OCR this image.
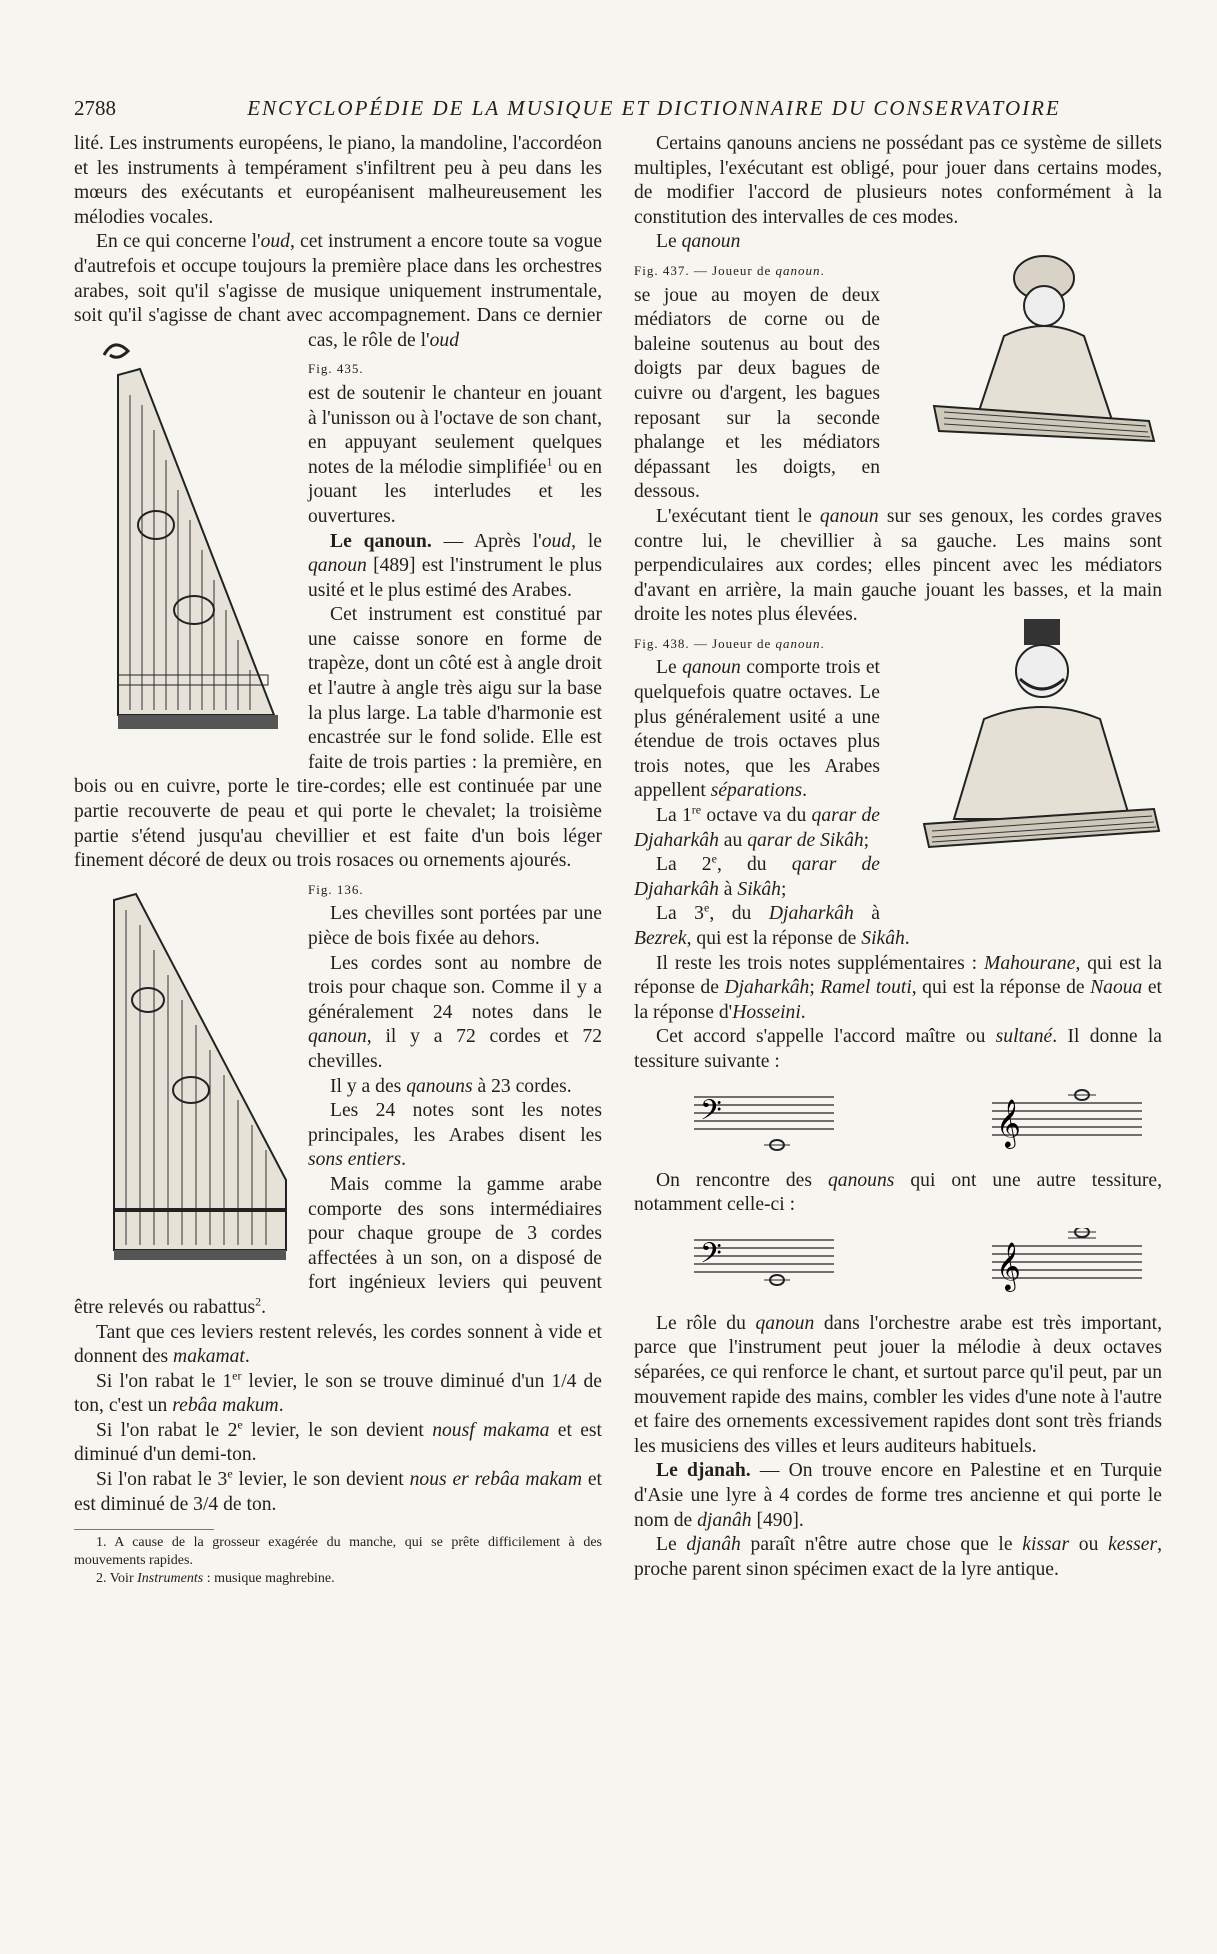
2788	ENCYCLOPÉDIE DE LA MUSIQUE ET DICTIONNAIRE DU CONSERVATOIRE

lité. Les instruments européens, le piano, la mandoline, l'accordéon et les instruments à tempérament s'infiltrent peu à peu dans les mœurs des exécutants et européanisent malheureusement les mélodies vocales.

En ce qui concerne l'oud, cet instrument a encore toute sa vogue d'autrefois et occupe toujours la première place dans les orchestres arabes, soit qu'il s'agisse de musique uniquement instrumentale, soit qu'il s'agisse de chant avec accompagnement. Dans ce dernier cas, le rôle de l'oud

Fig. 435.
est de soutenir le chanteur en jouant à l'unisson ou à l'octave de son chant, en appuyant seulement quelques notes de la mélodie simplifiée$^1$ ou en jouant les interludes et les ouvertures.

Le qanoun. — Après l'oud, le qanoun [489] est l'instrument le plus usité et le plus estimé des Arabes.

Cet instrument est constitué par une caisse sonore en forme de trapèze, dont un côté est à angle droit et l'autre à angle très aigu sur la base la plus large. La table d'harmonie est encastrée sur le fond solide. Elle est faite de trois parties : la première, en bois ou en cuivre, porte le tire-cordes; elle est continuée par une partie recouverte de peau et qui porte le chevalet; la troisième partie s'étend jusqu'au chevillier et est faite d'un bois léger finement décoré de deux ou trois rosaces ou ornements ajourés.

Fig. 136.

Les chevilles sont portées par une pièce de bois fixée au dehors.

Les cordes sont au nombre de trois pour chaque son. Comme il y a généralement 24 notes dans le qanoun, il y a 72 cordes et 72 chevilles.

Il y a des qanouns à 23 cordes.

Les 24 notes sont les notes principales, les Arabes disent les sons entiers.

Mais comme la gamme arabe comporte des sons intermédiaires pour chaque groupe de 3 cordes affectées à un son, on a disposé de fort ingénieux leviers qui peuvent être relevés ou rabattus$^2$.

Tant que ces leviers restent relevés, les cordes sonnent à vide et donnent des makamat.

Si l'on rabat le 1er levier, le son se trouve diminué d'un 1/4 de ton, c'est un rebâa makum.

Si l'on rabat le 2e levier, le son devient nousf makama et est diminué d'un demi-ton.

Si l'on rabat le 3e levier, le son devient nous er rebâa makam et est diminué de 3/4 de ton.

1. A cause de la grosseur exagérée du manche, qui se prête difficilement à des mouvements rapides.

2. Voir Instruments : musique maghrebine.

Certains qanouns anciens ne possédant pas ce système de sillets multiples, l'exécutant est obligé, pour jouer dans certains modes, de modifier l'accord de plusieurs notes conformément à la constitution des intervalles de ces modes.

Le qanoun

Fig. 437. — Joueur de qanoun.
se joue au moyen de deux médiators de corne ou de baleine soutenus au bout des doigts par deux bagues de cuivre ou d'argent, les bagues reposant sur la seconde phalange et les médiators dépassant les doigts, en dessous.

L'exécutant tient le qanoun sur ses genoux, les cordes graves contre lui, le chevillier à sa gauche. Les mains sont perpendiculaires aux cordes; elles pincent avec les médiators d'avant en arrière, la main gauche jouant les basses, et la main droite les notes plus élevées.

Fig. 438. — Joueur de qanoun.

Le qanoun comporte trois et quelquefois quatre octaves. Le plus généralement usité a une étendue de trois octaves plus trois notes, que les Arabes appellent séparations.

La 1re octave va du qarar de Djaharkâh au qarar de Sikâh;

La 2e, du qarar de Djaharkâh à Sikâh;

La 3e, du Djaharkâh à Bezrek, qui est la réponse de Sikâh.

Il reste les trois notes supplémentaires : Mahourane, qui est la réponse de Djaharkâh; Ramel touti, qui est la réponse de Naoua et la réponse d'Hosseini.

Cet accord s'appelle l'accord maître ou sultané. Il donne la tessiture suivante :

𝄢	𝄞

On rencontre des qanouns qui ont une autre tessiture, notamment celle-ci :

𝄢	𝄞

Le rôle du qanoun dans l'orchestre arabe est très important, parce que l'instrument peut jouer la mélodie à deux octaves séparées, ce qui renforce le chant, et surtout parce qu'il peut, par un mouvement rapide des mains, combler les vides d'une note à l'autre et faire des ornements excessivement rapides dont sont très friands les musiciens des villes et leurs auditeurs habituels.

Le djanah. — On trouve encore en Palestine et en Turquie d'Asie une lyre à 4 cordes de forme tres ancienne et qui porte le nom de djanâh [490].

Le djanâh paraît n'être autre chose que le kissar ou kesser, proche parent sinon spécimen exact de la lyre antique.
